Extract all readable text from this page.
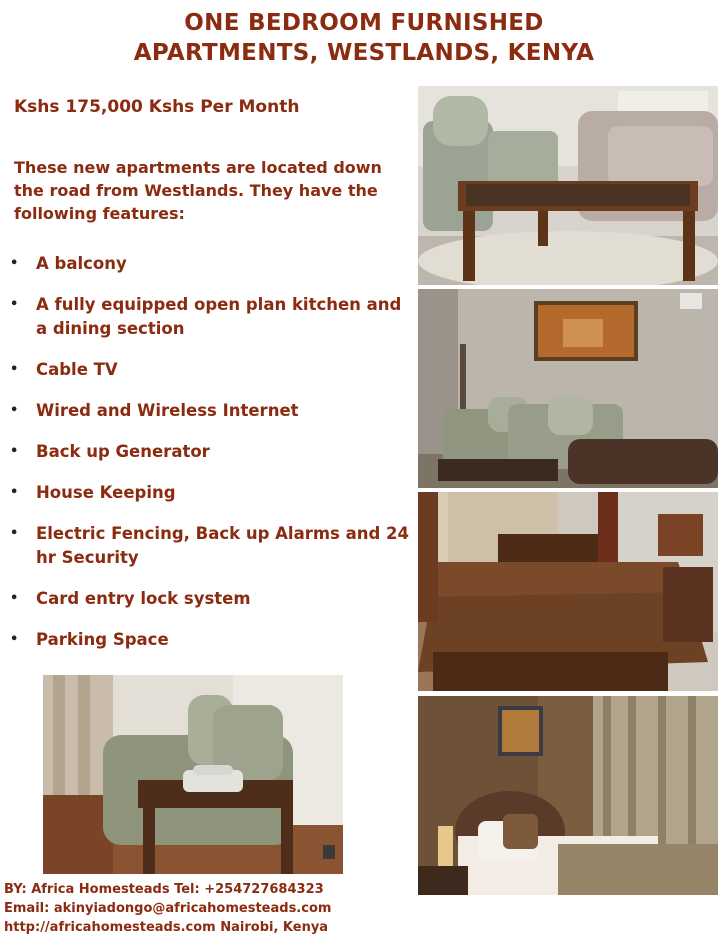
ONE BEDROOM FURNISHED
APARTMENTS, WESTLANDS, KENYA
Kshs 175,000 Kshs Per Month
These new apartments are located down the road from Westlands. They have the following features:
• A balcony
• A fully equipped open plan kitchen and a dining section
• Cable TV
• Wired and Wireless Internet
• Back up Generator
• House Keeping
• Electric Fencing, Back up Alarms and 24 hr Security
• Card entry lock system
• Parking Space
BY: Africa Homesteads Tel: +254727684323
Email: akinyiadongo@africahomesteads.com
http://africahomesteads.com Nairobi, Kenya
